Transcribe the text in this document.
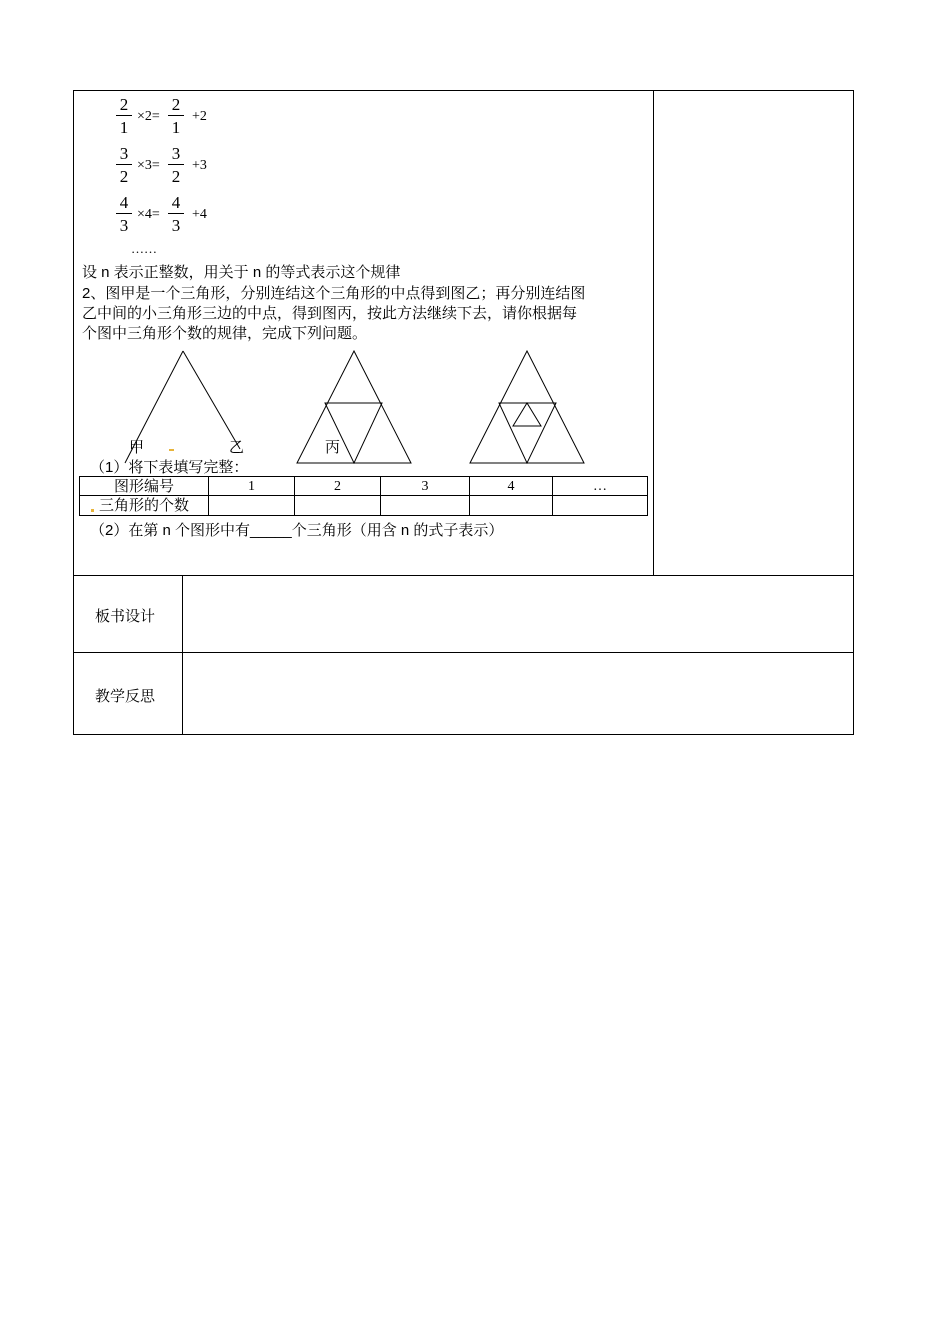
2
1
×2=
2
1
+2
3
2
×3=
3
2
+3
4
3
×4=
4
3
+4
……
设 n 表示正整数，用关于 n 的等式表示这个规律
2、图甲是一个三角形，分别连结这个三角形的中点得到图乙；再分别连结图
乙中间的小三角形三边的中点，得到图丙，按此方法继续下去，请你根据每
个图中三角形个数的规律，完成下列问题。
甲	乙	丙
（1）将下表填写完整：
图形编号	1	2	3	4	…
三角形的个数
（2）在第 n 个图形中有_____个三角形（用含 n 的式子表示）
板书设计
教学反思
